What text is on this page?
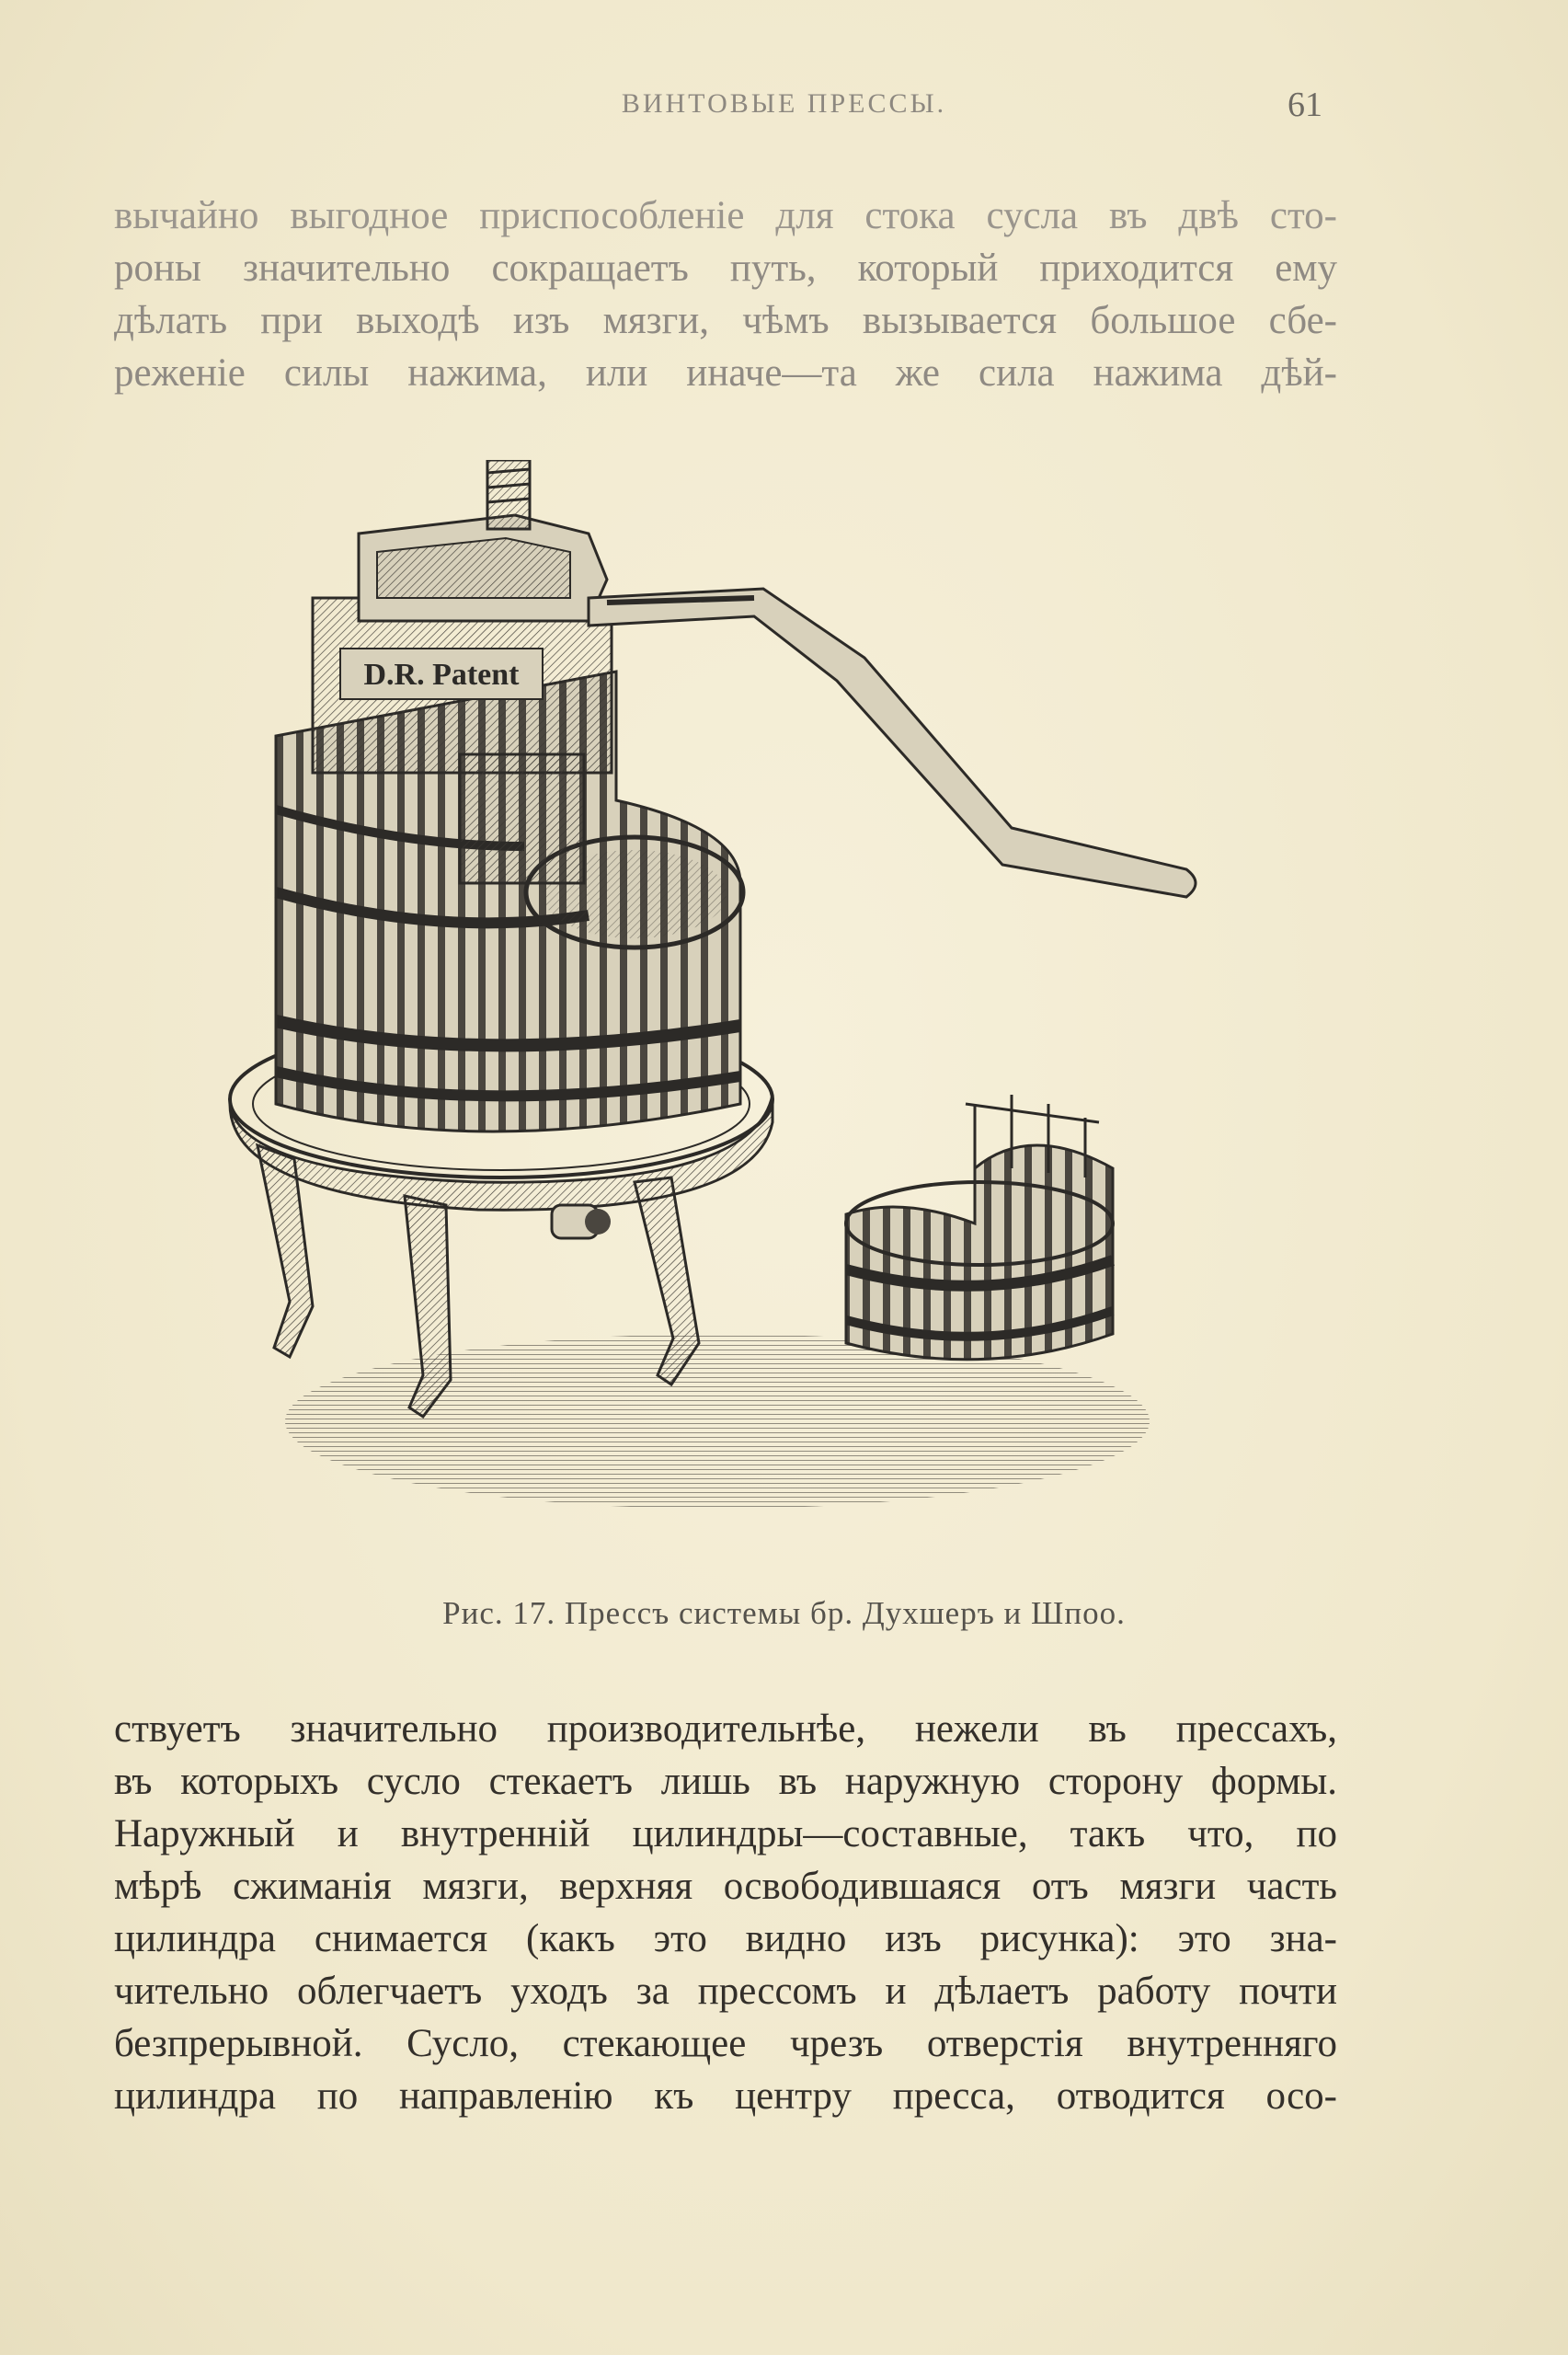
ВИНТОВЫЕ ПРЕССЫ.	61
вычайно выгодное приспособленіе для стока сусла въ двѣ сто-
роны значительно сокращаетъ путь, который приходится ему
дѣлать при выходѣ изъ мязги, чѣмъ вызывается большое сбе-
реженіе силы нажима, или иначе—та же сила нажима дѣй-
D.R. Patent
Рис. 17. Прессъ системы бр. Духшеръ и Шпоо.
ствуетъ значительно производительнѣе, нежели въ прессахъ,
въ которыхъ сусло стекаетъ лишь въ наружную сторону формы.
Наружный и внутренній цилиндры—составные, такъ что, по
мѣрѣ сжиманія мязги, верхняя освободившаяся отъ мязги часть
цилиндра снимается (какъ это видно изъ рисунка): это зна-
чительно облегчаетъ уходъ за прессомъ и дѣлаетъ работу почти
безпрерывной. Сусло, стекающее чрезъ отверстія внутренняго
цилиндра по направленію къ центру пресса, отводится осо-
